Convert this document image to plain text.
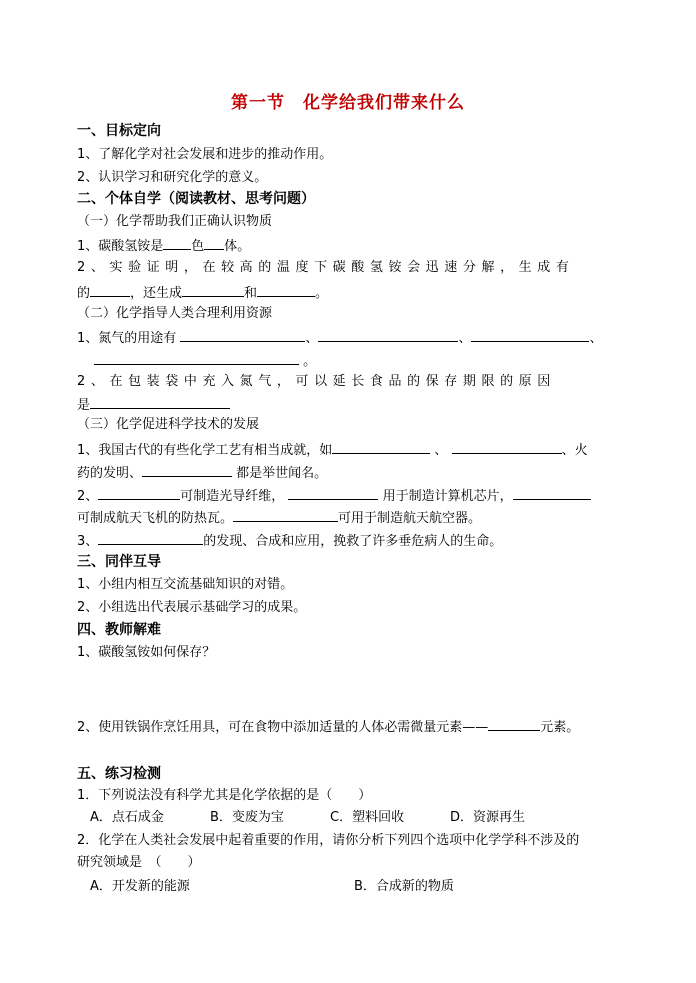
第一节　化学给我们带来什么
一、目标定向
1、了解化学对社会发展和进步的推动作用。
2、认识学习和研究化学的意义。
二、个体自学（阅读教材、思考问题）
（一）化学帮助我们正确认识物质
1、碳酸氢铵是 色 体。
2、实验证明，在较高的温度下碳酸氢铵会迅速分解，生成有
的	，还生成	和	。
（二）化学指导人类合理利用资源
1、氮气的用途有	、	、	、
。
2、在包装袋中充入氮气，可以延长食品的保存期限的原因
是
（三）化学促进科学技术的发展
1、我国古代的有些化学工艺有相当成就，如	、	、火
药的发明、	都是举世闻名。
2、	可制造光导纤维，	用于制造计算机芯片，
可制成航天飞机的防热瓦。	可用于制造航天航空器。
3、	的发现、合成和应用，挽救了许多垂危病人的生命。
三、同伴互导
1、小组内相互交流基础知识的对错。
2、小组选出代表展示基础学习的成果。
四、教师解难
1、碳酸氢铵如何保存？
2、使用铁锅作烹饪用具，可在食物中添加适量的人体必需微量元素——	元素。
五、练习检测
1．下列说法没有科学尤其是化学依据的是（　　）
A．点石成金	B．变废为宝	C．塑料回收	D．资源再生
2．化学在人类社会发展中起着重要的作用，请你分析下列四个选项中化学学科不涉及的
研究领域是　（　　）
A．开发新的能源	B．合成新的物质
